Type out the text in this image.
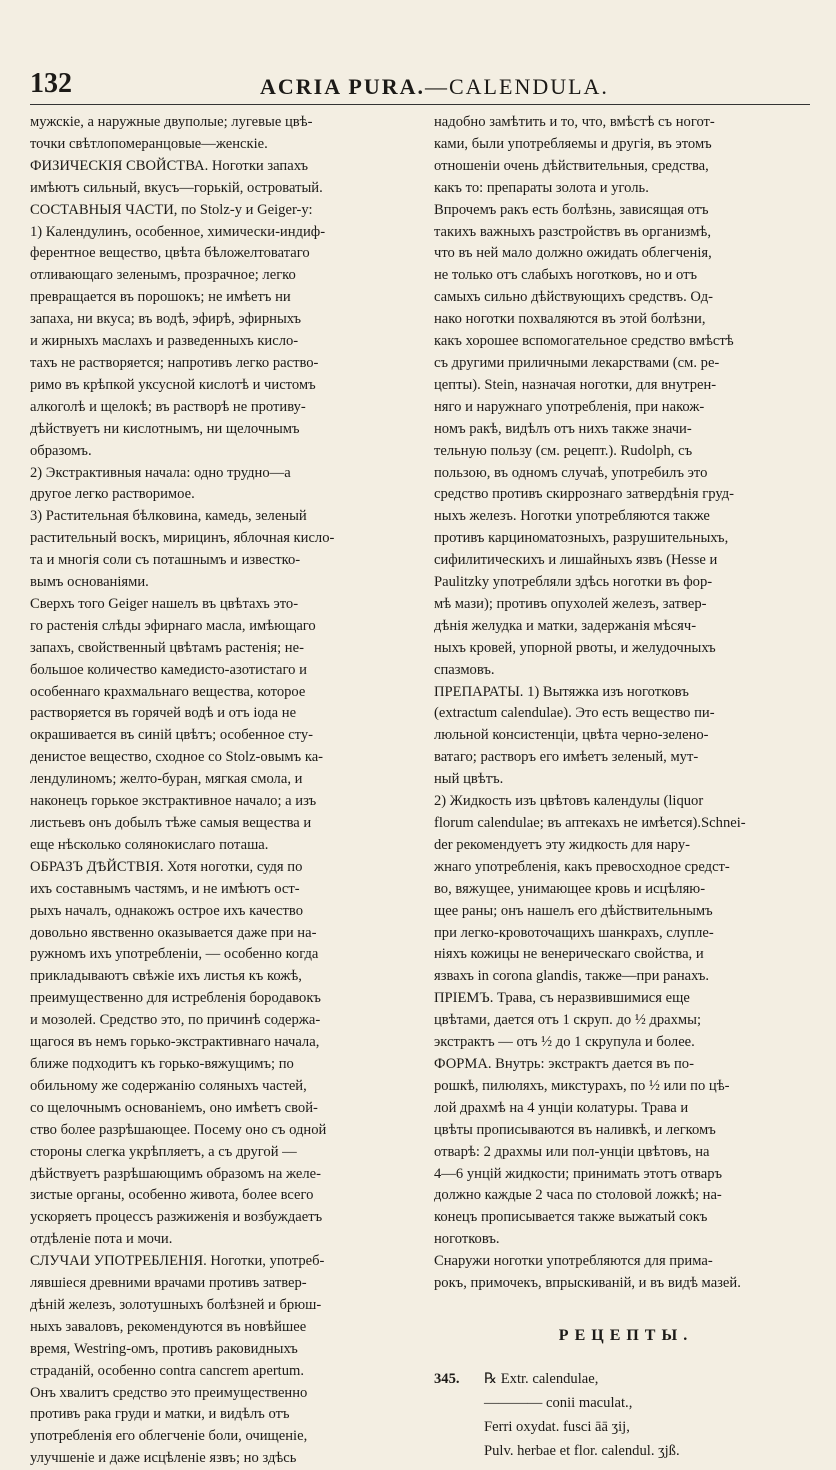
132	ACRIA PURA.—CALENDULA.
мужскіе, а наружные двуполые; лугевые цвѣ-
точки свѣтлопомеранцовые—женскіе.
ФИЗИЧЕСКІЯ СВОЙСТВА. Ноготки запахъ
имѣютъ сильный, вкусъ—горькій, островатый.
СОСТАВНЫЯ ЧАСТИ, по Stolz-у и Geiger-у:
1) Календулинъ, особенное, химически-индиф-
ферентное вещество, цвѣта бѣложелтоватаго
отливающаго зеленымъ, прозрачное; легко
превращается въ порошокъ; не имѣетъ ни
запаха, ни вкуса; въ водѣ, эфирѣ, эфирныхъ
и жирныхъ маслахъ и разведенныхъ кисло-
тахъ не растворяется; напротивъ легко раство-
римо въ крѣпкой уксусной кислотѣ и чистомъ
алкоголѣ и щелокѣ; въ растворѣ не противу-
дѣйствуетъ ни кислотнымъ, ни щелочнымъ
образомъ.
2) Экстрактивныя начала: одно трудно—а
другое легко растворимое.
3) Растительная бѣлковина, камедь, зеленый
растительный воскъ, мирицинъ, яблочная кисло-
та и многія соли съ поташнымъ и известко-
вымъ основаніями.
Сверхъ того Geiger нашелъ въ цвѣтахъ это-
го растенія слѣды эфирнаго масла, имѣющаго
запахъ, свойственный цвѣтамъ растенія; не-
большое количество камедисто-азотистаго и
особеннаго крахмальнаго вещества, которое
растворяется въ горячей водѣ и отъ іода не
окрашивается въ синій цвѣтъ; особенное сту-
денистое вещество, сходное со Stolz-овымъ ка-
лендулиномъ; желто-буран, мягкая смола, и
наконецъ горькое экстрактивное начало; а изъ
листьевъ онъ добылъ тѣже самыя вещества и
еще нѣсколько солянокислаго поташа.
ОБРАЗЪ ДѢЙСТВІЯ. Хотя ноготки, судя по
ихъ составнымъ частямъ, и не имѣютъ ост-
рыхъ началъ, однакожъ острое ихъ качество
довольно явственно оказывается даже при на-
ружномъ ихъ употребленіи, — особенно когда
прикладываютъ свѣжіе ихъ листья къ кожѣ,
преимущественно для истребленія бородавокъ
и мозолей. Средство это, по причинѣ содержа-
щагося въ немъ горько-экстрактивнаго начала,
ближе подходитъ къ горько-вяжущимъ; по
обильному же содержанію соляныхъ частей,
со щелочнымъ основаніемъ, оно имѣетъ свой-
ство более разрѣшающее. Посему оно съ одной
стороны слегка укрѣпляетъ, а съ другой —
дѣйствуетъ разрѣшающимъ образомъ на желе-
зистые органы, особенно живота, более всего
ускоряетъ процессъ разжиженія и возбуждаетъ
отдѣленіе пота и мочи.
СЛУЧАИ УПОТРЕБЛЕНІЯ. Ноготки, употреб-
лявшіеся древними врачами противъ затвер-
дѣній железъ, золотушныхъ болѣзней и брюш-
ныхъ заваловъ, рекомендуются въ новѣйшее
время, Westring-омъ, противъ раковидныхъ
страданій, особенно contra cancrem apertum.
Онъ хвалитъ средство это преимущественно
противъ рака груди и матки, и видѣлъ отъ
употребленія его облегченіе боли, очищеніе,
улучшеніе и даже исцѣленіе язвъ; но здѣсь
надобно замѣтить и то, что, вмѣстѣ съ ногот-
ками, были употребляемы и другія, въ этомъ
отношеніи очень дѣйствительныя, средства,
какъ то: препараты золота и уголь.
Впрочемъ ракъ есть болѣзнь, зависящая отъ
такихъ важныхъ разстройствъ въ организмѣ,
что въ ней мало должно ожидать облегченія,
не только отъ слабыхъ ноготковъ, но и отъ
самыхъ сильно дѣйствующихъ средствъ. Од-
нако ноготки похваляются въ этой болѣзни,
какъ хорошее вспомогательное средство вмѣстѣ
съ другими приличными лекарствами (см. ре-
цепты). Stein, назначая ноготки, для внутрен-
няго и наружнаго употребленія, при накож-
номъ ракѣ, видѣлъ отъ нихъ также значи-
тельную пользу (см. рецепт.). Rudolph, съ
пользою, въ одномъ случаѣ, употребилъ это
средство противъ скиррознаго затвердѣнія груд-
ныхъ железъ. Ноготки употребляются также
противъ карциноматозныхъ, разрушительныхъ,
сифилитическихъ и лишайныхъ язвъ (Hesse и
Paulitzky употребляли здѣсь ноготки въ фор-
мѣ мази); противъ опухолей железъ, затвер-
дѣнія желудка и матки, задержанія мѣсяч-
ныхъ кровей, упорной рвоты, и желудочныхъ
спазмовъ.
ПРЕПАРАТЫ. 1) Вытяжка изъ ноготковъ
(extractum calendulae). Это есть вещество пи-
люльной консистенціи, цвѣта черно-зелено-
ватаго; растворъ его имѣетъ зеленый, мут-
ный цвѣтъ.
2) Жидкость изъ цвѣтовъ календулы (liquor
florum calendulae; въ аптекахъ не имѣется).Schnei-
der рекомендуетъ эту жидкость для нару-
жнаго употребленія, какъ превосходное средст-
во, вяжущее, унимающее кровь и исцѣляю-
щее раны; онъ нашелъ его дѣйствительнымъ
при легко-кровоточащихъ шанкрахъ, слупле-
ніяхъ кожицы не венерическаго свойства, и
язвахъ in corona glandis, также—при ранахъ.
ПРІЕМЪ. Трава, съ неразвившимися еще
цвѣтами, дается отъ 1 скруп. до ½ драхмы;
экстрактъ — отъ ½ до 1 скрупула и более.
ФОРМА. Внутрь: экстрактъ дается въ по-
рошкѣ, пилюляхъ, микстурахъ, по ½ или по цѣ-
лой драхмѣ на 4 унціи колатуры. Трава и
цвѣты прописываются въ наливкѣ, и легкомъ
отварѣ: 2 драхмы или пол-унціи цвѣтовъ, на
4—6 унцій жидкости; принимать этотъ отваръ
должно каждые 2 часа по столовой ложкѣ; на-
конецъ прописывается также выжатый сокъ
ноготковъ.
Снаружи ноготки употребляются для прима-
рокъ, примочекъ, впрыскиваній, и въ видѣ мазей.
РЕЦЕПТЫ.
345.	℞ Extr. calendulae,
———— conii maculat.,
Ferri oxydat. fusci āā ʒij,
Pulv. herbae et flor. calendul. ʒjß.
